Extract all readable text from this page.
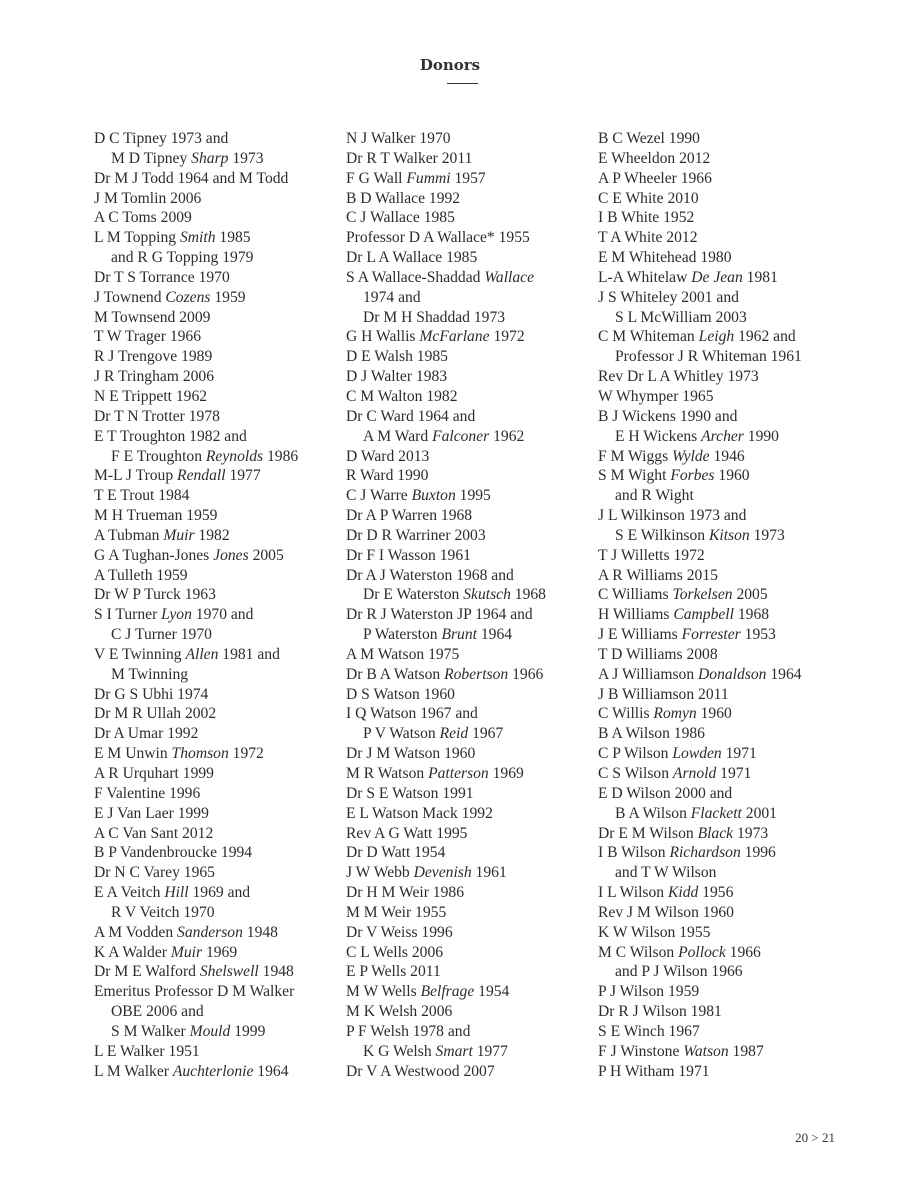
Donors
D C Tipney 1973 and
M D Tipney Sharp 1973
Dr M J Todd 1964 and M Todd
J M Tomlin 2006
A C Toms 2009
L M Topping Smith 1985
and R G Topping 1979
Dr T S Torrance 1970
J Townend Cozens 1959
M Townsend 2009
T W Trager 1966
R J Trengove 1989
J R Tringham 2006
N E Trippett 1962
Dr T N Trotter 1978
E T Troughton 1982 and
F E Troughton Reynolds 1986
M-L J Troup Rendall 1977
T E Trout 1984
M H Trueman 1959
A Tubman Muir 1982
G A Tughan-Jones Jones 2005
A Tulleth 1959
Dr W P Turck 1963
S I Turner Lyon 1970 and
C J Turner 1970
V E Twinning Allen 1981 and
M Twinning
Dr G S Ubhi 1974
Dr M R Ullah 2002
Dr A Umar 1992
E M Unwin Thomson 1972
A R Urquhart 1999
F Valentine 1996
E J Van Laer 1999
A C Van Sant 2012
B P Vandenbroucke 1994
Dr N C Varey 1965
E A Veitch Hill 1969 and
R V Veitch 1970
A M Vodden Sanderson 1948
K A Walder Muir 1969
Dr M E Walford Shelswell 1948
Emeritus Professor D M Walker
OBE 2006 and
S M Walker Mould 1999
L E Walker 1951
L M Walker Auchterlonie 1964
N J Walker 1970
Dr R T Walker 2011
F G Wall Fummi 1957
B D Wallace 1992
C J Wallace 1985
Professor D A Wallace* 1955
Dr L A Wallace 1985
S A Wallace-Shaddad Wallace
1974 and
Dr M H Shaddad 1973
G H Wallis McFarlane 1972
D E Walsh 1985
D J Walter 1983
C M Walton 1982
Dr C Ward 1964 and
A M Ward Falconer 1962
D Ward 2013
R Ward 1990
C J Warre Buxton 1995
Dr A P Warren 1968
Dr D R Warriner 2003
Dr F I Wasson 1961
Dr A J Waterston 1968 and
Dr E Waterston Skutsch 1968
Dr R J Waterston JP 1964 and
P Waterston Brunt 1964
A M Watson 1975
Dr B A Watson Robertson 1966
D S Watson 1960
I Q Watson 1967 and
P V Watson Reid 1967
Dr J M Watson 1960
M R Watson Patterson 1969
Dr S E Watson 1991
E L Watson Mack 1992
Rev A G Watt 1995
Dr D Watt 1954
J W Webb Devenish 1961
Dr H M Weir 1986
M M Weir 1955
Dr V Weiss 1996
C L Wells 2006
E P Wells 2011
M W Wells Belfrage 1954
M K Welsh 2006
P F Welsh 1978 and
K G Welsh Smart 1977
Dr V A Westwood 2007
B C Wezel 1990
E Wheeldon 2012
A P Wheeler 1966
C E White 2010
I B White 1952
T A White 2012
E M Whitehead 1980
L-A Whitelaw De Jean 1981
J S Whiteley 2001 and
S L McWilliam 2003
C M Whiteman Leigh 1962 and
Professor J R Whiteman 1961
Rev Dr L A Whitley 1973
W Whymper 1965
B J Wickens 1990 and
E H Wickens Archer 1990
F M Wiggs Wylde 1946
S M Wight Forbes 1960
and R Wight
J L Wilkinson 1973 and
S E Wilkinson Kitson 1973
T J Willetts 1972
A R Williams 2015
C Williams Torkelsen 2005
H Williams Campbell 1968
J E Williams Forrester 1953
T D Williams 2008
A J Williamson Donaldson 1964
J B Williamson 2011
C Willis Romyn 1960
B A Wilson 1986
C P Wilson Lowden 1971
C S Wilson Arnold 1971
E D Wilson 2000 and
B A Wilson Flackett 2001
Dr E M Wilson Black 1973
I B Wilson Richardson 1996
and T W Wilson
I L Wilson Kidd 1956
Rev J M Wilson 1960
K W Wilson 1955
M C Wilson Pollock 1966
and P J Wilson 1966
P J Wilson 1959
Dr R J Wilson 1981
S E Winch 1967
F J Winstone Watson 1987
P H Witham 1971
20 > 21
